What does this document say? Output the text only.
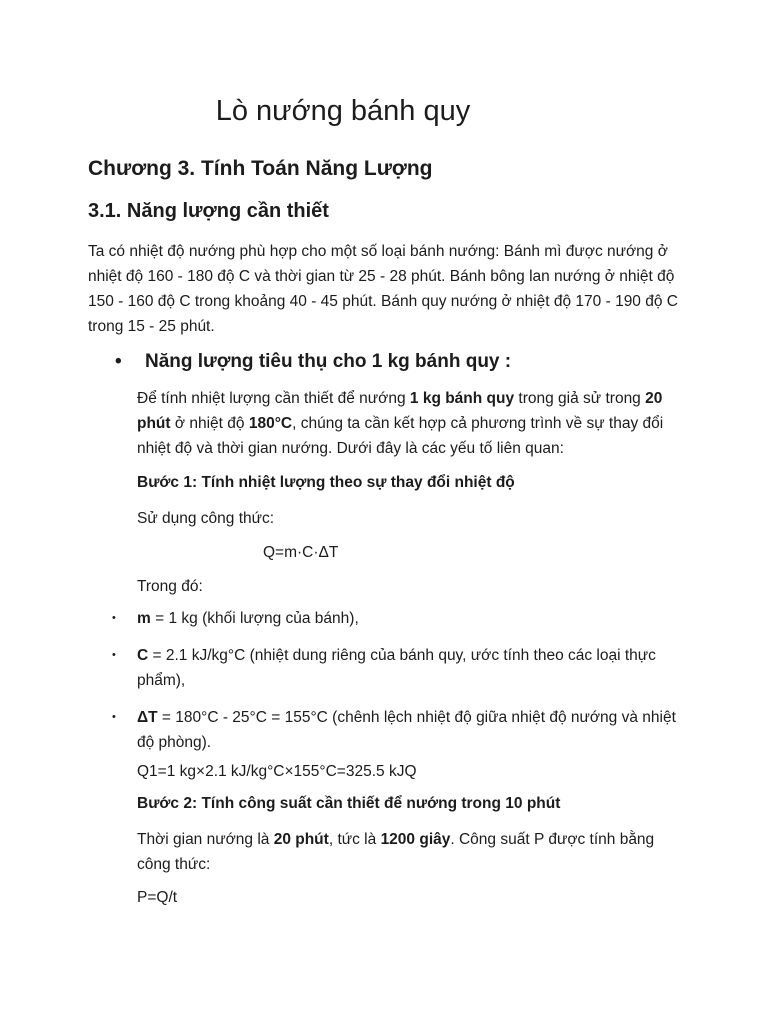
Lò nướng bánh quy
Chương 3. Tính Toán Năng Lượng
3.1. Năng lượng cần thiết

Ta có nhiệt độ nướng phù hợp cho một số loại bánh nướng: Bánh mì được nướng ở nhiệt độ 160 - 180 độ C và thời gian từ 25 - 28 phút. Bánh bông lan nướng ở nhiệt độ 150 - 160 độ C trong khoảng 40 - 45 phút. Bánh quy nướng ở nhiệt độ 170 - 190 độ C trong 15 - 25 phút.

•	Năng lượng tiêu thụ cho 1 kg bánh quy :

Để tính nhiệt lượng cần thiết để nướng 1 kg bánh quy trong giả sử trong 20 phút ở nhiệt độ 180°C, chúng ta cần kết hợp cả phương trình về sự thay đổi nhiệt độ và thời gian nướng. Dưới đây là các yếu tố liên quan:

Bước 1: Tính nhiệt lượng theo sự thay đổi nhiệt độ

Sử dụng công thức:

Q=m·C·ΔT

Trong đó:

• m = 1 kg (khối lượng của bánh),
• C = 2.1 kJ/kg°C (nhiệt dung riêng của bánh quy, ước tính theo các loại thực phẩm),
• ΔT = 180°C - 25°C = 155°C (chênh lệch nhiệt độ giữa nhiệt độ nướng và nhiệt độ phòng).

Q1=1 kg×2.1 kJ/kg°C×155°C=325.5 kJQ

Bước 2: Tính công suất cần thiết để nướng trong 10 phút

Thời gian nướng là 20 phút, tức là 1200 giây. Công suất P được tính bằng công thức:

P=Q/t
